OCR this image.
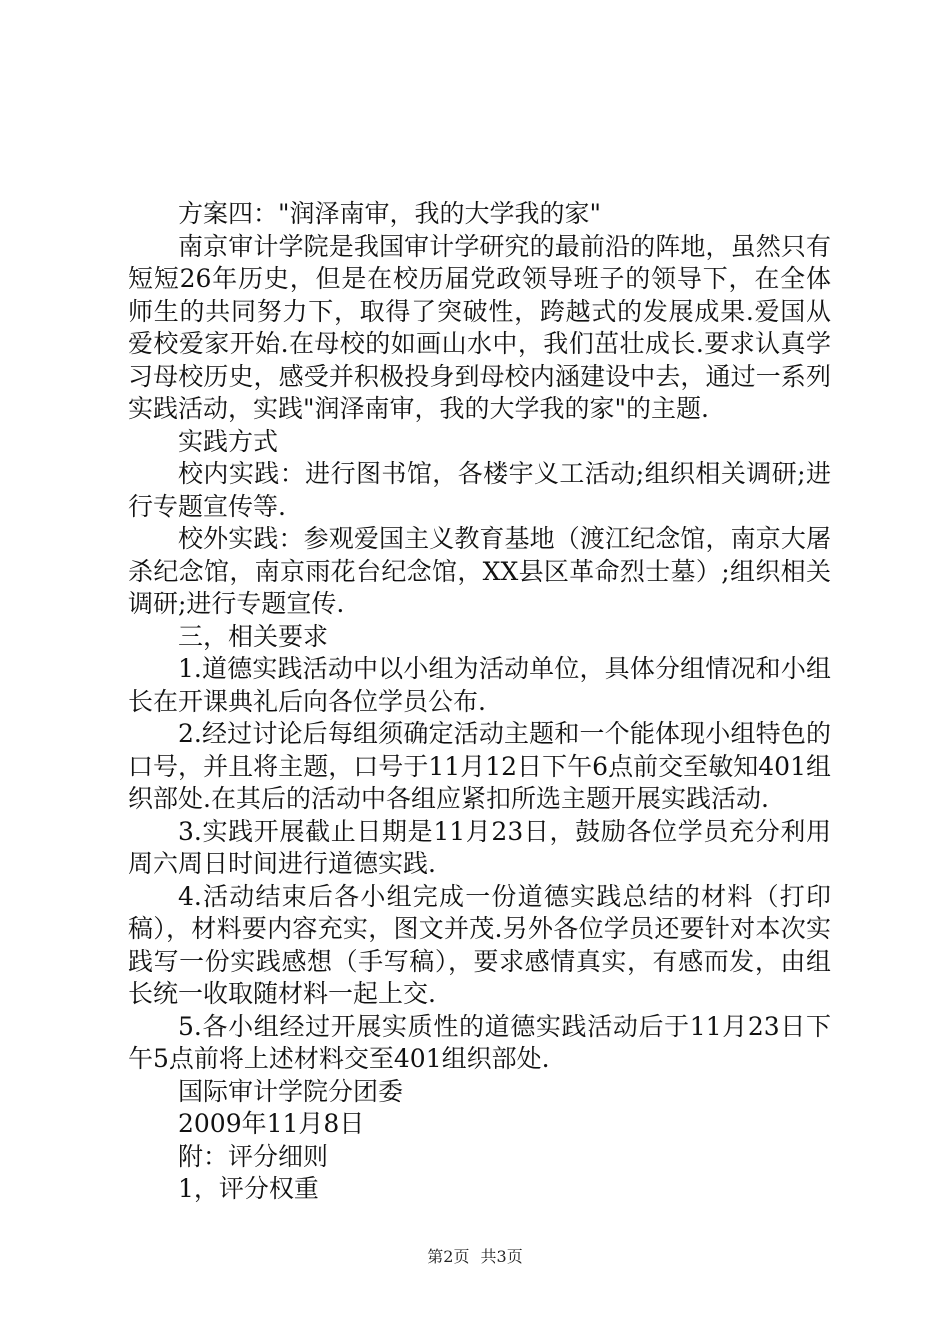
方案四："润泽南审，我的大学我的家"

南京审计学院是我国审计学研究的最前沿的阵地，虽然只有短短26年历史，但是在校历届党政领导班子的领导下，在全体师生的共同努力下，取得了突破性，跨越式的发展成果.爱国从爱校爱家开始.在母校的如画山水中，我们茁壮成长.要求认真学习母校历史，感受并积极投身到母校内涵建设中去，通过一系列实践活动，实践"润泽南审，我的大学我的家"的主题.

实践方式

校内实践：进行图书馆，各楼宇义工活动;组织相关调研;进行专题宣传等.

校外实践：参观爱国主义教育基地（渡江纪念馆，南京大屠杀纪念馆，南京雨花台纪念馆，XX县区革命烈士墓）;组织相关调研;进行专题宣传.

三，相关要求

1.道德实践活动中以小组为活动单位，具体分组情况和小组长在开课典礼后向各位学员公布.

2.经过讨论后每组须确定活动主题和一个能体现小组特色的口号，并且将主题，口号于11月12日下午6点前交至敏知401组织部处.在其后的活动中各组应紧扣所选主题开展实践活动.

3.实践开展截止日期是11月23日，鼓励各位学员充分利用周六周日时间进行道德实践.

4.活动结束后各小组完成一份道德实践总结的材料（打印稿），材料要内容充实，图文并茂.另外各位学员还要针对本次实践写一份实践感想（手写稿），要求感情真实，有感而发，由组长统一收取随材料一起上交.

5.各小组经过开展实质性的道德实践活动后于11月23日下午5点前将上述材料交至401组织部处.

国际审计学院分团委

2009年11月8日

附：评分细则

1，评分权重

第2页 共3页
